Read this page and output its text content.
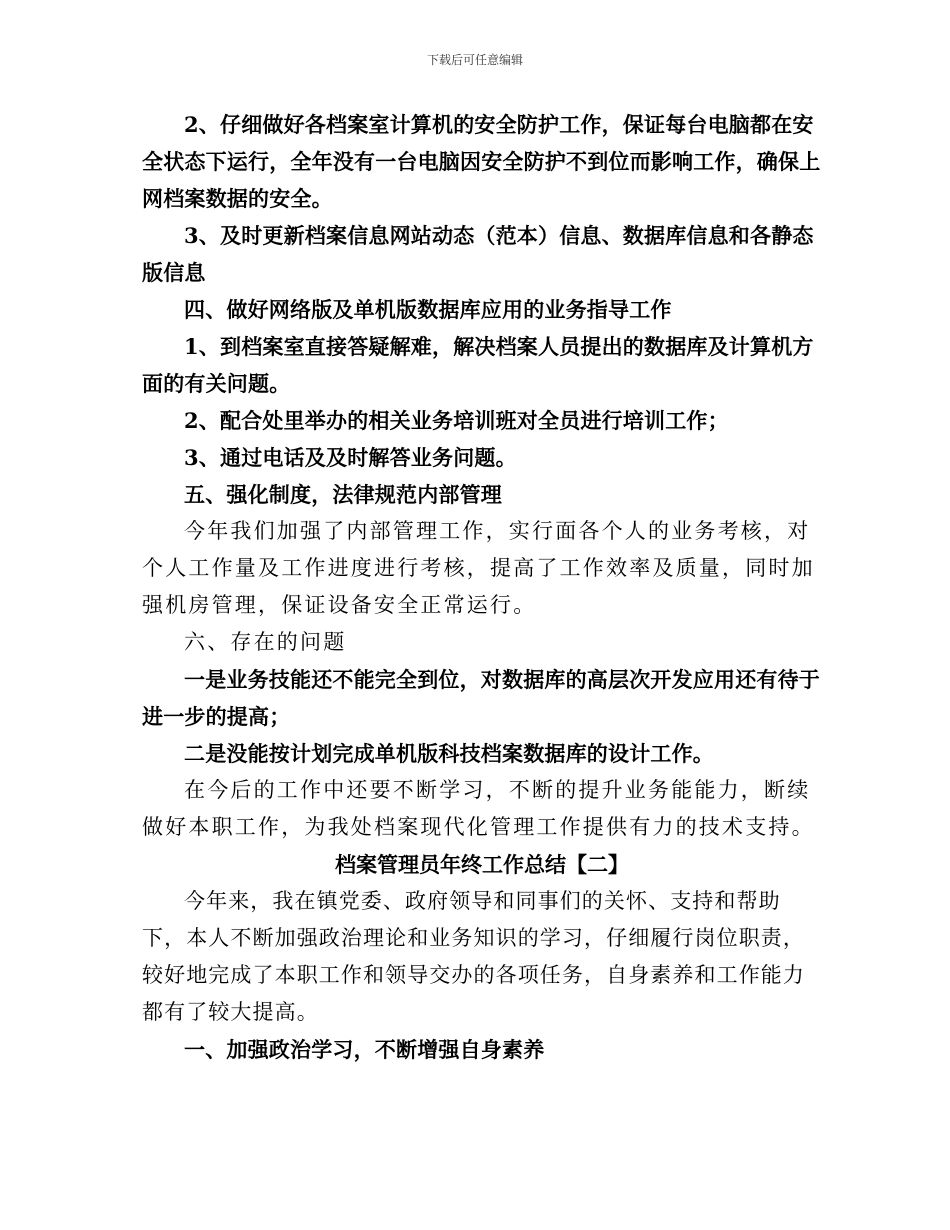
下载后可任意编辑

2、仔细做好各档案室计算机的安全防护工作，保证每台电脑都在安全状态下运行，全年没有一台电脑因安全防护不到位而影响工作，确保上网档案数据的安全。

3、及时更新档案信息网站动态（范本）信息、数据库信息和各静态版信息

四、做好网络版及单机版数据库应用的业务指导工作

1、到档案室直接答疑解难，解决档案人员提出的数据库及计算机方面的有关问题。

2、配合处里举办的相关业务培训班对全员进行培训工作；

3、通过电话及及时解答业务问题。

五、强化制度，法律规范内部管理

今年我们加强了内部管理工作，实行面各个人的业务考核，对个人工作量及工作进度进行考核，提高了工作效率及质量，同时加强机房管理，保证设备安全正常运行。

六、存在的问题

一是业务技能还不能完全到位，对数据库的高层次开发应用还有待于进一步的提高；

二是没能按计划完成单机版科技档案数据库的设计工作。

在今后的工作中还要不断学习，不断的提升业务能能力，断续做好本职工作，为我处档案现代化管理工作提供有力的技术支持。

档案管理员年终工作总结【二】

今年来，我在镇党委、政府领导和同事们的关怀、支持和帮助下，本人不断加强政治理论和业务知识的学习，仔细履行岗位职责，较好地完成了本职工作和领导交办的各项任务，自身素养和工作能力都有了较大提高。

一、加强政治学习，不断增强自身素养
